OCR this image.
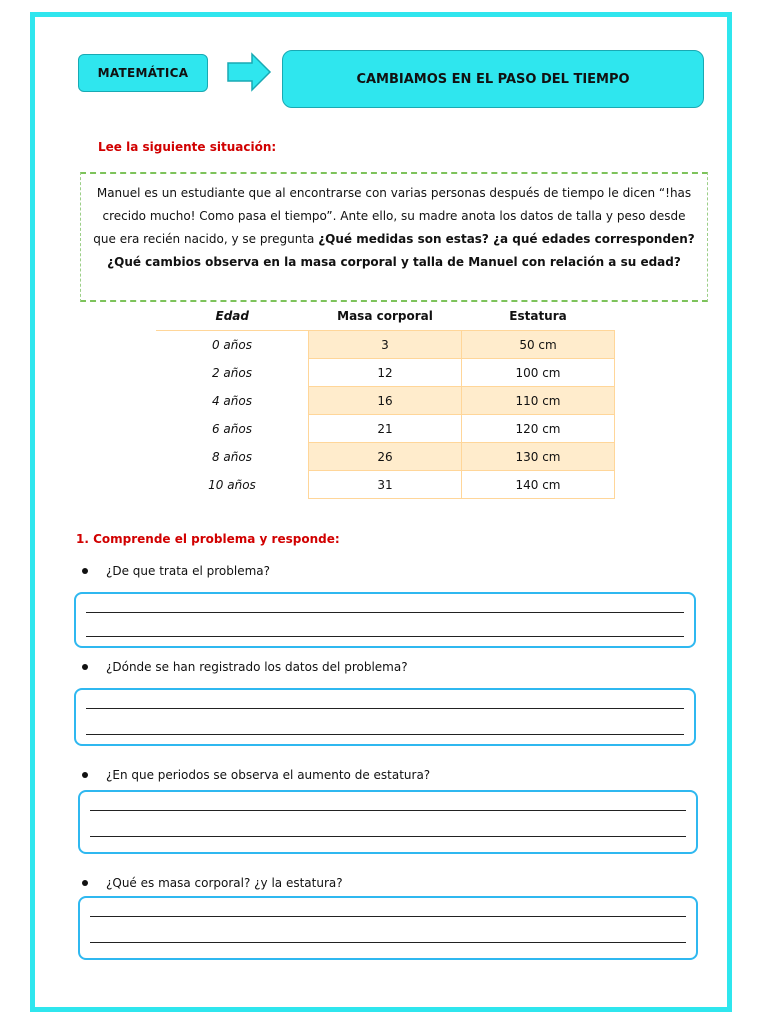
MATEMÁTICA	CAMBIAMOS EN EL PASO DEL TIEMPO
Lee la siguiente situación:
Manuel es un estudiante que al encontrarse con varias personas después de tiempo le dicen “!has crecido mucho! Como pasa el tiempo”. Ante ello, su madre anota los datos de talla y peso desde que era recién nacido, y se pregunta ¿Qué medidas son estas? ¿a qué edades corresponden? ¿Qué cambios observa en la masa corporal y talla de Manuel con relación a su edad?
Edad	Masa corporal	Estatura
0 años	3	50 cm
2 años	12	100 cm
4 años	16	110 cm
6 años	21	120 cm
8 años	26	130 cm
10 años	31	140 cm
1. Comprende el problema y responde:
¿De que trata el problema?
¿Dónde se han registrado los datos del problema?
¿En que periodos se observa el aumento de estatura?
¿Qué es masa corporal? ¿y la estatura?
